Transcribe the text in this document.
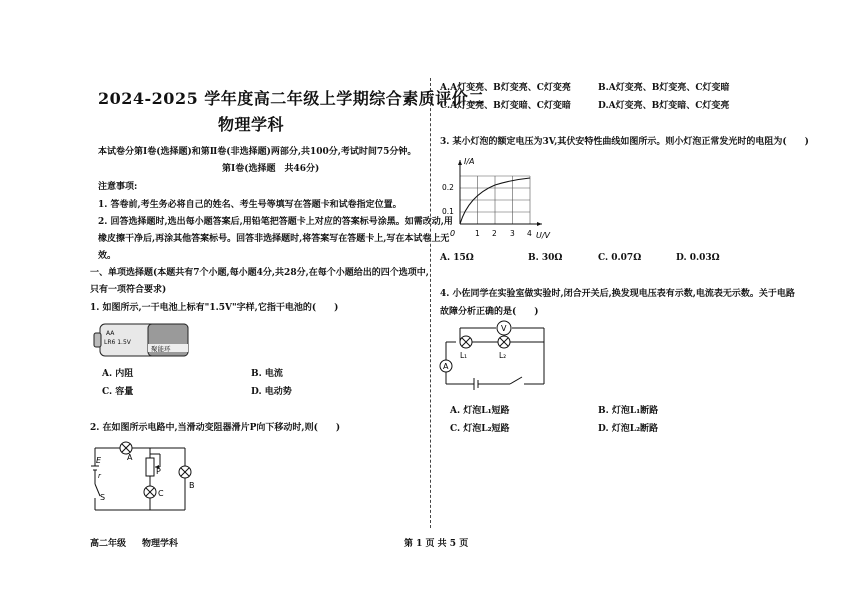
2024-2025 学年度高二年级上学期综合素质评价二
物理学科
本试卷分第Ⅰ卷(选择题)和第Ⅱ卷(非选择题)两部分,共100分,考试时间75分钟。
第Ⅰ卷(选择题　共46分)
注意事项:
1. 答卷前,考生务必将自己的姓名、考生号等填写在答题卡和试卷指定位置。
2. 回答选择题时,选出每小题答案后,用铅笔把答题卡上对应的答案标号涂黑。如需改动,用
橡皮擦干净后,再涂其他答案标号。回答非选择题时,将答案写在答题卡上,写在本试卷上无
效。
一、单项选择题(本题共有7个小题,每小题4分,共28分,在每个小题给出的四个选项中,
只有一项符合要求)
1. 如图所示,一干电池上标有"1.5V"字样,它指干电池的(　　)
AA
LR6 1.5V
聚能环
A. 内阻	B. 电流
C. 容量	D. 电动势
2. 在如图所示电路中,当滑动变阻器滑片P向下移动时,则(　　)
E
r
S
A
P
C
B
A.A灯变亮、B灯变亮、C灯变亮	B.A灯变亮、B灯变亮、C灯变暗
C.A灯变亮、B灯变暗、C灯变暗	D.A灯变亮、B灯变暗、C灯变亮
3. 某小灯泡的额定电压为3V,其伏安特性曲线如图所示。则小灯泡正常发光时的电阻为(　　)
I/A
U/V
0
0.1
0.2
1 2 3 4
A. 15Ω	B. 30Ω	C. 0.07Ω	D. 0.03Ω
4. 小佐同学在实验室做实验时,闭合开关后,换发现电压表有示数,电流表无示数。关于电路
故障分析正确的是(　　)
V
A
L₁	L₂
A. 灯泡L₁短路	B. 灯泡L₁断路
C. 灯泡L₂短路	D. 灯泡L₂断路
高二年级 物理学科	第 1 页 共 5 页
